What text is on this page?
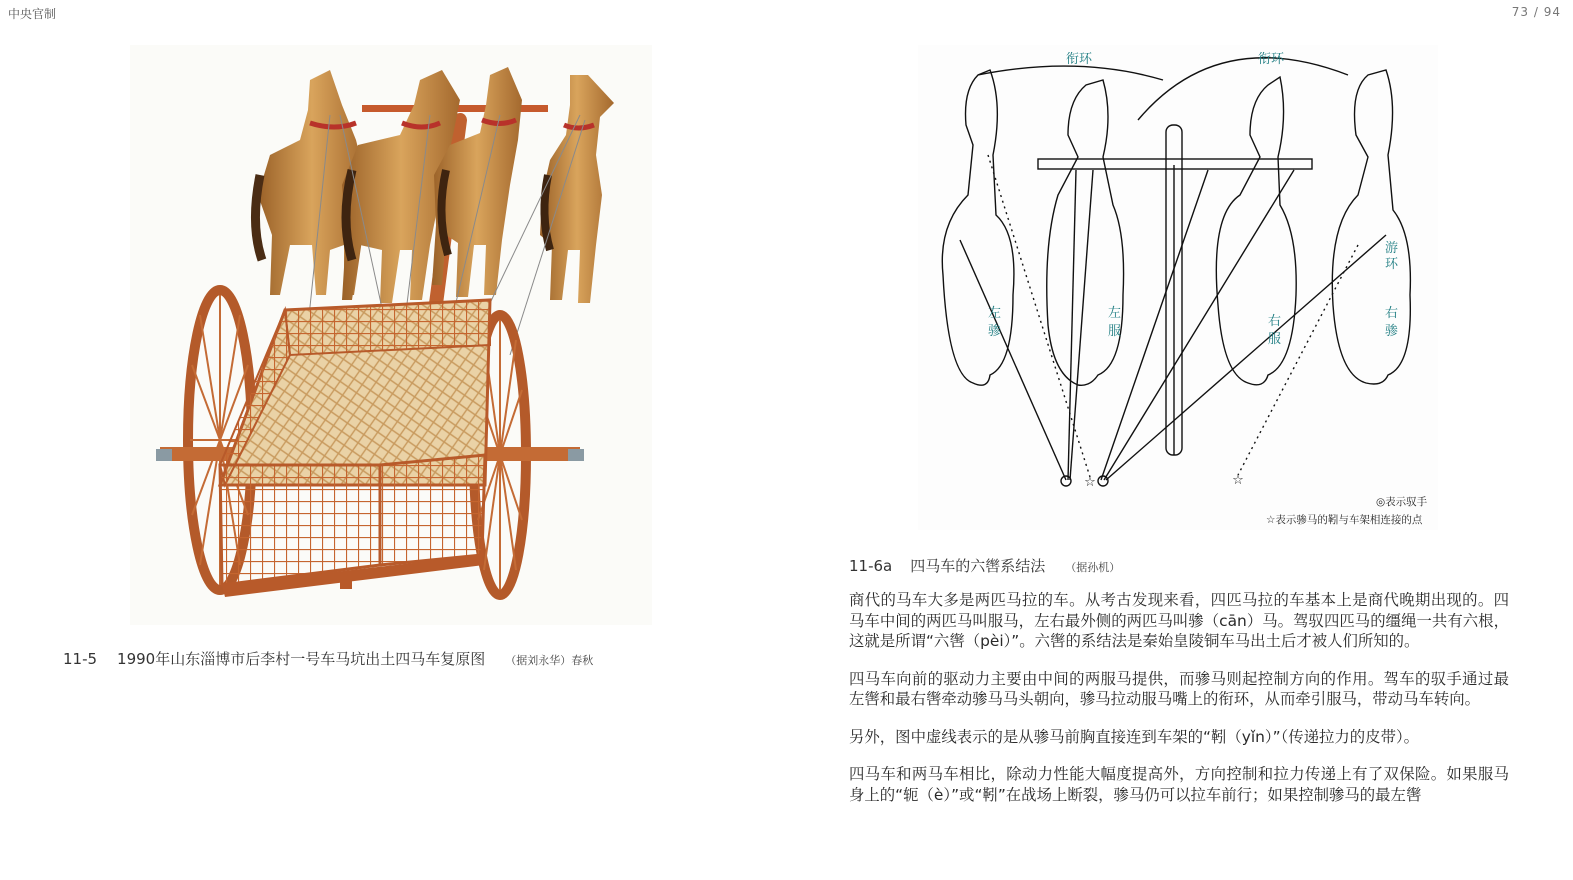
中央官制	73 / 94
11-5 1990年山东淄博市后李村一号车马坑出土四马车复原图 （据刘永华）春秋
☆	☆
衔环	衔环
左
骖
左
服
右
服
右
骖
游
环
◎表示驭手
☆表示骖马的靷与车架相连接的点
11-6a 四马车的六辔系结法 （据孙机）

商代的马车大多是两匹马拉的车。从考古发现来看，四匹马拉的车基本上是商代晚期出现的。四马车中间的两匹马叫服马，左右最外侧的两匹马叫骖（cān）马。驾驭四匹马的缰绳一共有六根，这就是所谓“六辔（pèi）”。六辔的系结法是秦始皇陵铜车马出土后才被人们所知的。

四马车向前的驱动力主要由中间的两服马提供，而骖马则起控制方向的作用。驾车的驭手通过最左辔和最右辔牵动骖马马头朝向，骖马拉动服马嘴上的衔环，从而牵引服马，带动马车转向。

另外，图中虚线表示的是从骖马前胸直接连到车架的“靷（yǐn）”（传递拉力的皮带）。

四马车和两马车相比，除动力性能大幅度提高外，方向控制和拉力传递上有了双保险。如果服马身上的“轭（è）”或“靷”在战场上断裂，骖马仍可以拉车前行；如果控制骖马的最左辔
